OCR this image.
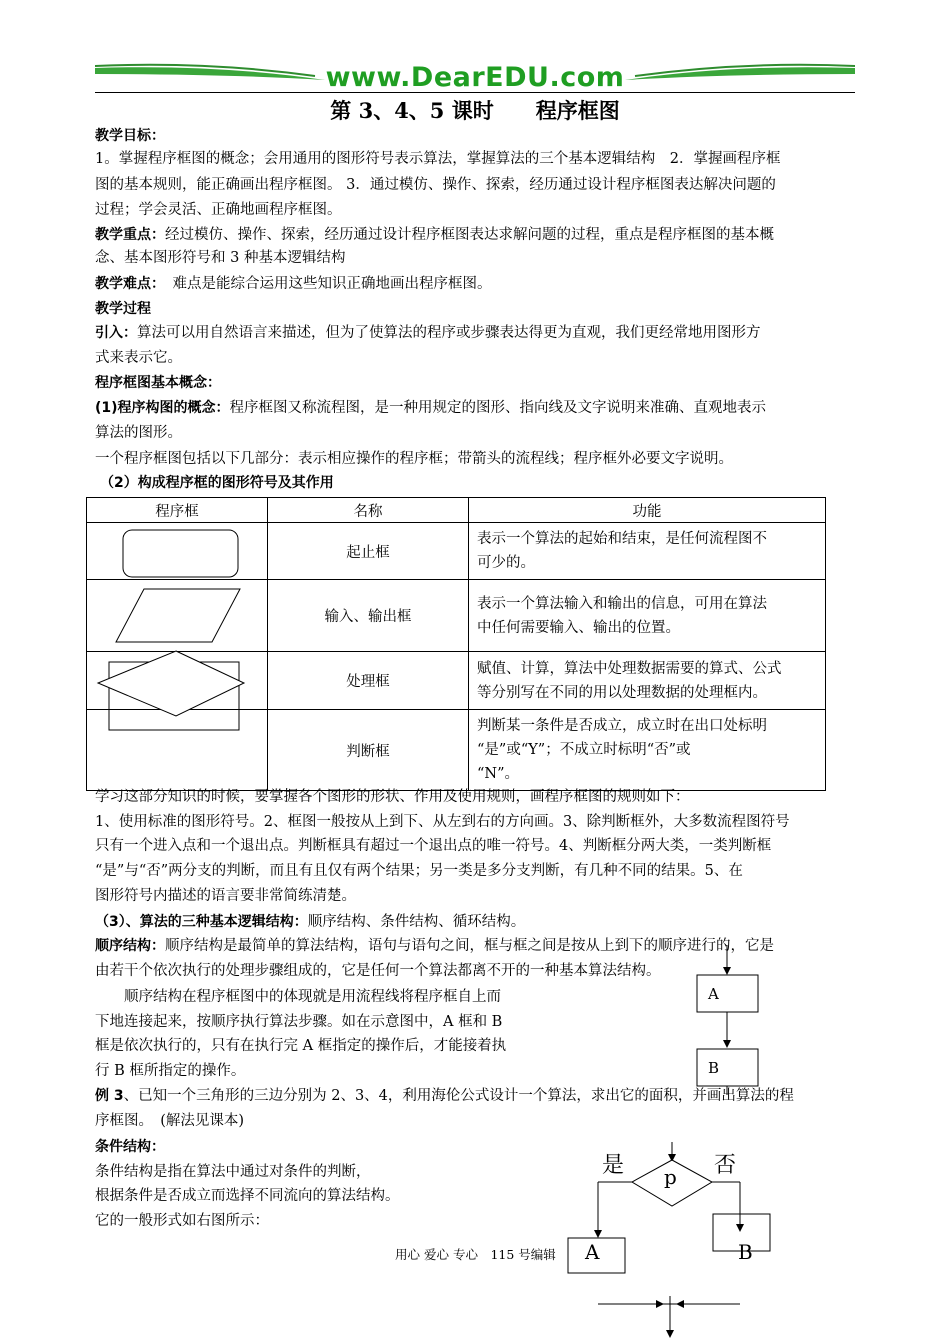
www.DearEDU.com
第 3、4、5 课时　　程序框图

教学目标：

1。掌握程序框图的概念；会用通用的图形符号表示算法，掌握算法的三个基本逻辑结构　2．掌握画程序框

图的基本规则，能正确画出程序框图。 3．通过模仿、操作、探索，经历通过设计程序框图表达解决问题的

过程；学会灵活、正确地画程序框图。

教学重点：经过模仿、操作、探索，经历通过设计程序框图表达求解问题的过程，重点是程序框图的基本概

念、基本图形符号和 3 种基本逻辑结构

教学难点：　难点是能综合运用这些知识正确地画出程序框图。

教学过程

引入：算法可以用自然语言来描述，但为了使算法的程序或步骤表达得更为直观，我们更经常地用图形方

式来表示它。

程序框图基本概念：

(1)程序构图的概念：程序框图又称流程图，是一种用规定的图形、指向线及文字说明来准确、直观地表示

算法的图形。

一个程序框图包括以下几部分：表示相应操作的程序框；带箭头的流程线；程序框外必要文字说明。

（2）构成程序框的图形符号及其作用

程序框	名称	功能
	起止框	表示一个算法的起始和结束，是任何流程图不
可少的。
	输入、输出框	表示一个算法输入和输出的信息，可用在算法
中任何需要输入、输出的位置。
	处理框	赋值、计算，算法中处理数据需要的算式、公式
等分别写在不同的用以处理数据的处理框内。
	判断框	判断某一条件是否成立，成立时在出口处标明
“是”或“Y”；不成立时标明“否”或
“N”。

学习这部分知识的时候，要掌握各个图形的形状、作用及使用规则，画程序框图的规则如下：

1、使用标准的图形符号。2、框图一般按从上到下、从左到右的方向画。3、除判断框外，大多数流程图符号

只有一个进入点和一个退出点。判断框具有超过一个退出点的唯一符号。4、判断框分两大类，一类判断框

“是”与“否”两分支的判断，而且有且仅有两个结果；另一类是多分支判断，有几种不同的结果。5、在

图形符号内描述的语言要非常简练清楚。

（3）、算法的三种基本逻辑结构：顺序结构、条件结构、循环结构。

顺序结构：顺序结构是最简单的算法结构，语句与语句之间，框与框之间是按从上到下的顺序进行的，它是

由若干个依次执行的处理步骤组成的，它是任何一个算法都离不开的一种基本算法结构。

　　顺序结构在程序框图中的体现就是用流程线将程序框自上而

下地连接起来，按顺序执行算法步骤。如在示意图中，A 框和 B

框是依次执行的，只有在执行完 A 框指定的操作后，才能接着执

行 B 框所指定的操作。

A
B

例 3、已知一个三角形的三边分别为 2、3、4，利用海伦公式设计一个算法，求出它的面积，并画出算法的程

序框图。　(解法见课本)

条件结构：

条件结构是指在算法中通过对条件的判断，

根据条件是否成立而选择不同流向的算法结构。

它的一般形式如右图所示：

是	否
p
A	B
用心 爱心 专心　115 号编辑
